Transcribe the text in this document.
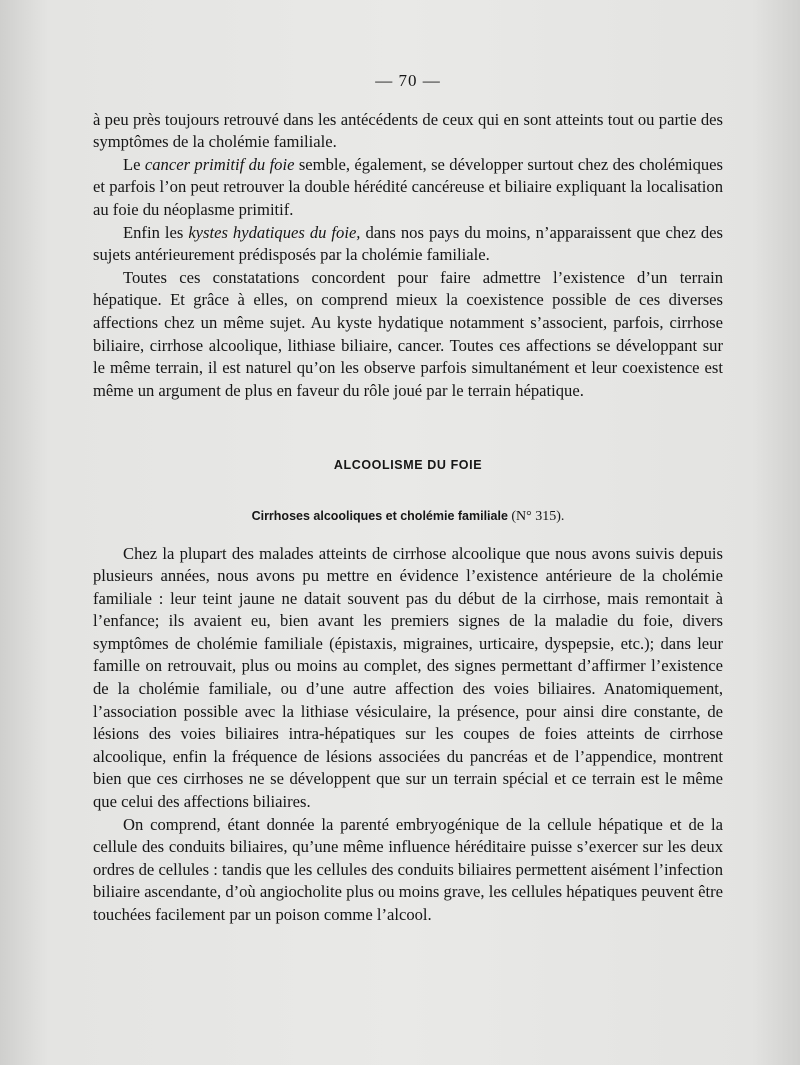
— 70 —

à peu près toujours retrouvé dans les antécédents de ceux qui en sont atteints tout ou partie des symptômes de la cholémie familiale.

Le cancer primitif du foie semble, également, se développer surtout chez des cholémiques et parfois l’on peut retrouver la double hérédité cancéreuse et biliaire expliquant la localisation au foie du néoplasme primitif.

Enfin les kystes hydatiques du foie, dans nos pays du moins, n’apparaissent que chez des sujets antérieurement prédisposés par la cholémie familiale.

Toutes ces constatations concordent pour faire admettre l’existence d’un terrain hépatique. Et grâce à elles, on comprend mieux la coexistence possible de ces diverses affections chez un même sujet. Au kyste hydatique notamment s’associent, parfois, cirrhose biliaire, cirrhose alcoolique, lithiase biliaire, cancer. Toutes ces affections se développant sur le même terrain, il est naturel qu’on les observe parfois simultanément et leur coexistence est même un argument de plus en faveur du rôle joué par le terrain hépatique.

ALCOOLISME DU FOIE
Cirrhoses alcooliques et cholémie familiale (N° 315).

Chez la plupart des malades atteints de cirrhose alcoolique que nous avons suivis depuis plusieurs années, nous avons pu mettre en évidence l’existence antérieure de la cholémie familiale : leur teint jaune ne datait souvent pas du début de la cirrhose, mais remontait à l’enfance; ils avaient eu, bien avant les premiers signes de la maladie du foie, divers symptômes de cholémie familiale (épistaxis, migraines, urticaire, dyspepsie, etc.); dans leur famille on retrouvait, plus ou moins au complet, des signes permettant d’affirmer l’existence de la cholémie familiale, ou d’une autre affection des voies biliaires. Anatomiquement, l’association possible avec la lithiase vésiculaire, la présence, pour ainsi dire constante, de lésions des voies biliaires intra-hépatiques sur les coupes de foies atteints de cirrhose alcoolique, enfin la fréquence de lésions associées du pancréas et de l’appendice, montrent bien que ces cirrhoses ne se développent que sur un terrain spécial et ce terrain est le même que celui des affections biliaires.

On comprend, étant donnée la parenté embryogénique de la cellule hépatique et de la cellule des conduits biliaires, qu’une même influence héréditaire puisse s’exercer sur les deux ordres de cellules : tandis que les cellules des conduits biliaires permettent aisément l’infection biliaire ascendante, d’où angiocholite plus ou moins grave, les cellules hépatiques peuvent être touchées facilement par un poison comme l’alcool.
